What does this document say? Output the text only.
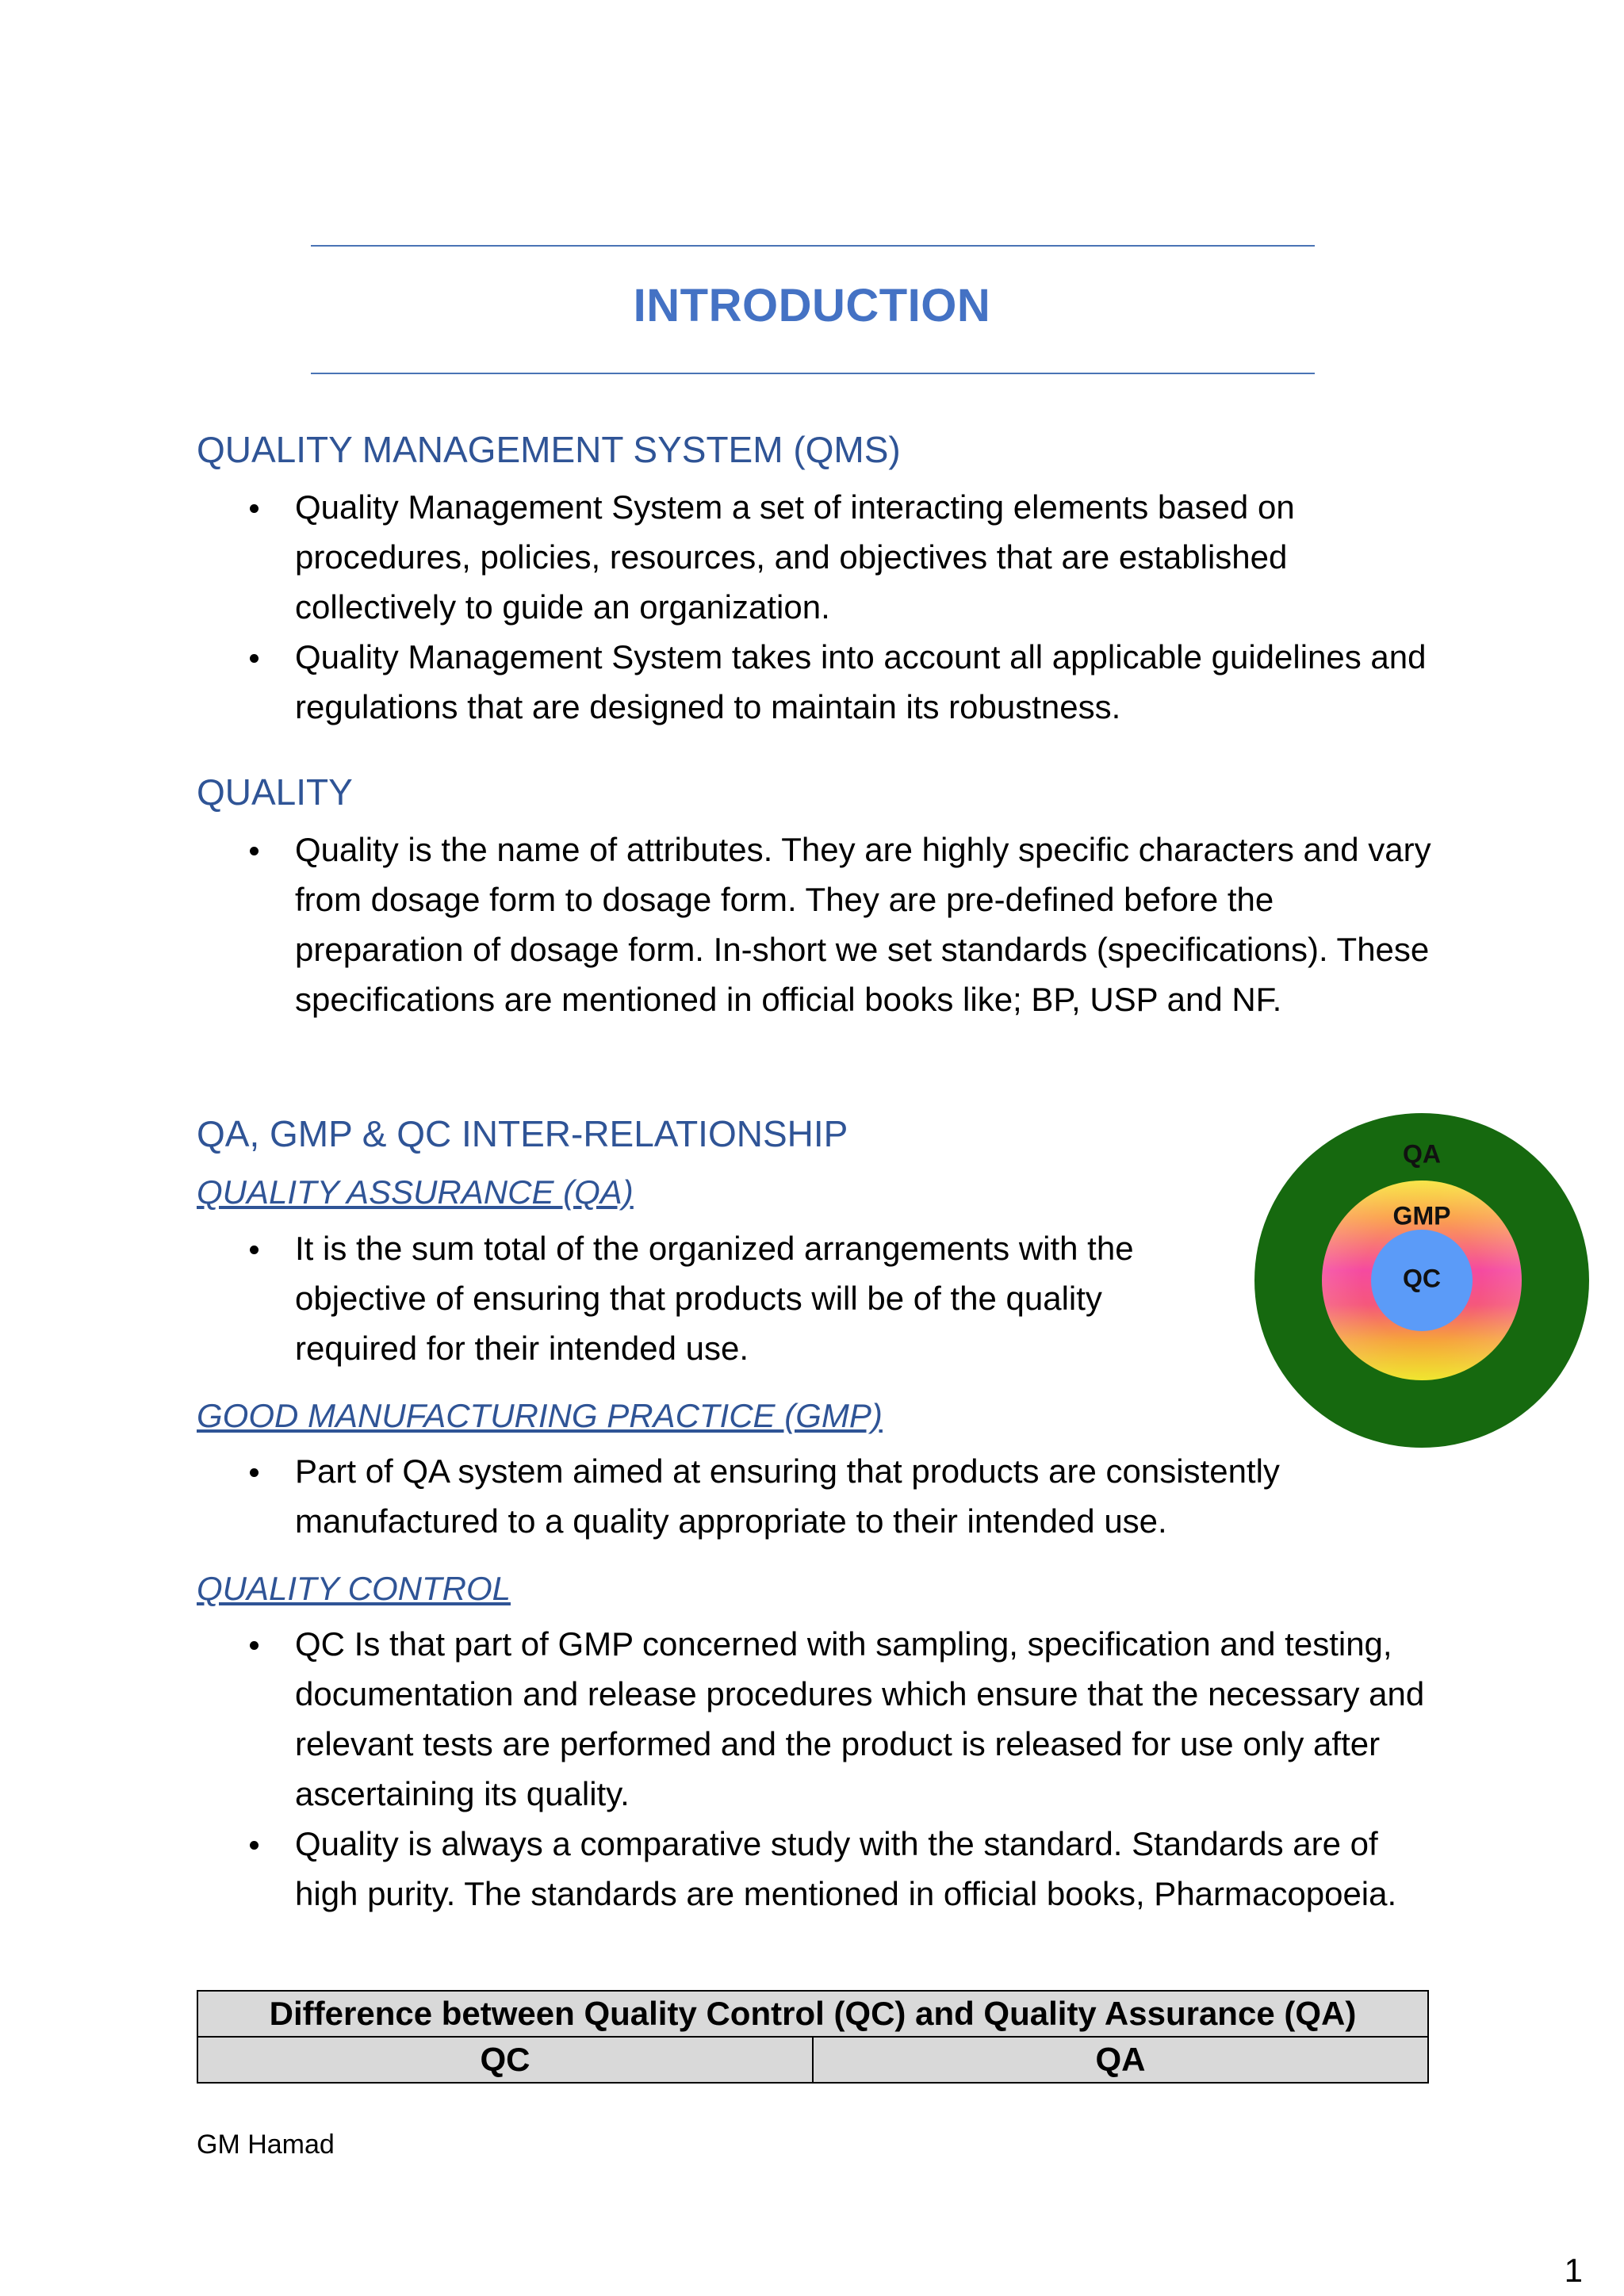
INTRODUCTION
QUALITY MANAGEMENT SYSTEM (QMS)
Quality Management System a set of interacting elements based on procedures, policies, resources, and objectives that are established collectively to guide an organization.
Quality Management System takes into account all applicable guidelines and regulations that are designed to maintain its robustness.
QUALITY
Quality is the name of attributes. They are highly specific characters and vary from dosage form to dosage form. They are pre-defined before the preparation of dosage form. In-short we set standards (specifications). These specifications are mentioned in official books like; BP, USP and NF.
QA, GMP & QC INTER-RELATIONSHIP
QUALITY ASSURANCE (QA)
It is the sum total of the organized arrangements with the objective of ensuring that products will be of the quality required for their intended use.
GOOD MANUFACTURING PRACTICE (GMP)
Part of QA system aimed at ensuring that products are consistently manufactured to a quality appropriate to their intended use.
QUALITY CONTROL
QC Is that part of GMP concerned with sampling, specification and testing, documentation and release procedures which ensure that the necessary and relevant tests are performed and the product is released for use only after ascertaining its quality.
Quality is always a comparative study with the standard. Standards are of high purity. The standards are mentioned in official books, Pharmacopoeia.
QA
GMP
QC
Difference between Quality Control (QC) and Quality Assurance (QA)
QC	QA
GM Hamad
1
